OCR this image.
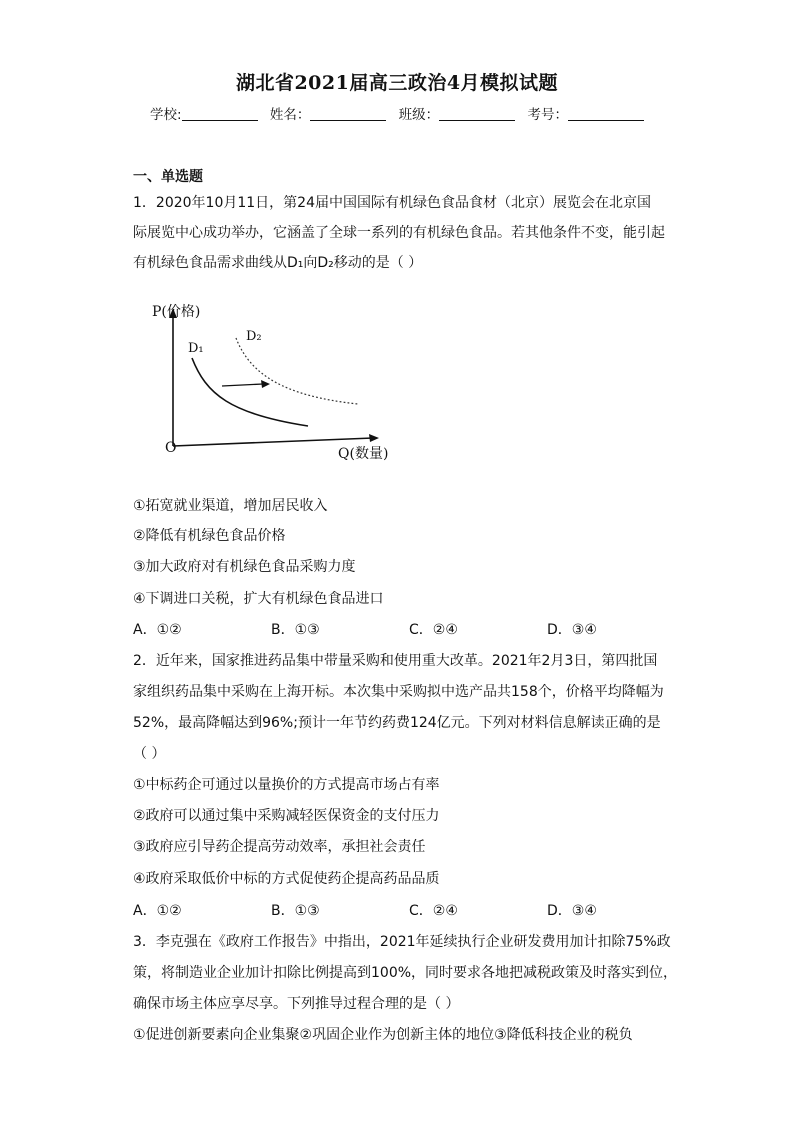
湖北省2021届高三政治4月模拟试题
学校:	姓名：	班级：	考号：
一、单选题
1．2020年10月11日，第24届中国国际有机绿色食品食材（北京）展览会在北京国
际展览中心成功举办，它涵盖了全球一系列的有机绿色食品。若其他条件不变，能引起
有机绿色食品需求曲线从D₁向D₂移动的是（ ）
P(价格)
D₁
D₂
O	Q(数量)
①拓宽就业渠道，增加居民收入
②降低有机绿色食品价格
③加大政府对有机绿色食品采购力度
④下调进口关税，扩大有机绿色食品进口
A．①②	B．①③	C．②④	D．③④
2．近年来，国家推进药品集中带量采购和使用重大改革。2021年2月3日，第四批国
家组织药品集中采购在上海开标。本次集中采购拟中选产品共158个，价格平均降幅为
52%，最高降幅达到96%;预计一年节约药费124亿元。下列对材料信息解读正确的是
（ ）
①中标药企可通过以量换价的方式提高市场占有率
②政府可以通过集中采购减轻医保资金的支付压力
③政府应引导药企提高劳动效率，承担社会责任
④政府采取低价中标的方式促使药企提高药品品质
A．①②	B．①③	C．②④	D．③④
3．李克强在《政府工作报告》中指出，2021年延续执行企业研发费用加计扣除75%政
策，将制造业企业加计扣除比例提高到100%，同时要求各地把减税政策及时落实到位，
确保市场主体应享尽享。下列推导过程合理的是（ ）
①促进创新要素向企业集聚②巩固企业作为创新主体的地位③降低科技企业的税负
